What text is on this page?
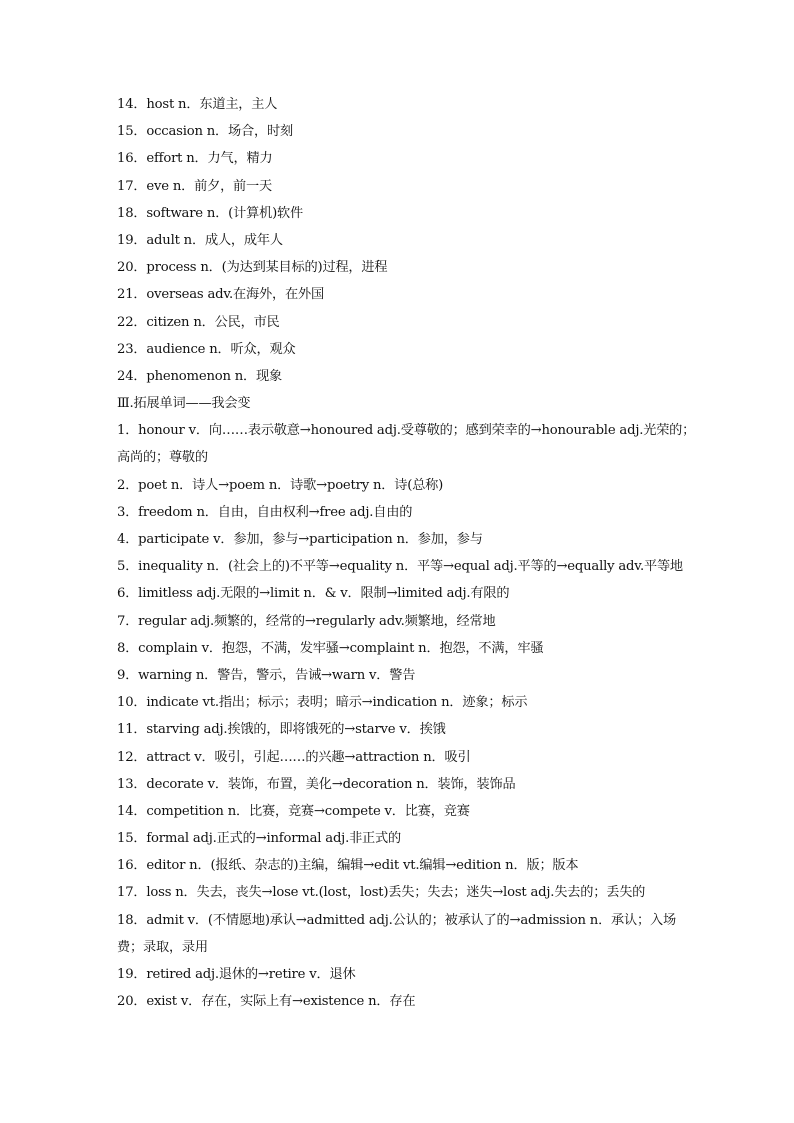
14．host n．东道主，主人
15．occasion n．场合，时刻
16．effort n．力气，精力
17．eve n．前夕，前一天
18．software n．(计算机)软件
19．adult n．成人，成年人
20．process n．(为达到某目标的)过程，进程
21．overseas adv.在海外，在外国
22．citizen n．公民，市民
23．audience n．听众，观众
24．phenomenon n．现象
Ⅲ.拓展单词——我会变
1．honour v．向……表示敬意→honoured adj.受尊敬的；感到荣幸的→honourable adj.光荣的；
高尚的；尊敬的
2．poet n．诗人→poem n．诗歌→poetry n．诗(总称)
3．freedom n．自由，自由权利→free adj.自由的
4．participate v．参加，参与→participation n．参加，参与
5．inequality n．(社会上的)不平等→equality n．平等→equal adj.平等的→equally adv.平等地
6．limitless adj.无限的→limit n．& v．限制→limited adj.有限的
7．regular adj.频繁的，经常的→regularly adv.频繁地，经常地
8．complain v．抱怨，不满，发牢骚→complaint n．抱怨，不满，牢骚
9．warning n．警告，警示，告诫→warn v．警告
10．indicate vt.指出；标示；表明；暗示→indication n．迹象；标示
11．starving adj.挨饿的，即将饿死的→starve v．挨饿
12．attract v．吸引，引起……的兴趣→attraction n．吸引
13．decorate v．装饰，布置，美化→decoration n．装饰，装饰品
14．competition n．比赛，竞赛→compete v．比赛，竞赛
15．formal adj.正式的→informal adj.非正式的
16．editor n．(报纸、杂志的)主编，编辑→edit vt.编辑→edition n．版；版本
17．loss n．失去，丧失→lose vt.(lost，lost)丢失；失去；迷失→lost adj.失去的；丢失的
18．admit v．(不情愿地)承认→admitted adj.公认的；被承认了的→admission n．承认；入场
费；录取，录用
19．retired adj.退休的→retire v．退休
20．exist v．存在，实际上有→existence n．存在
